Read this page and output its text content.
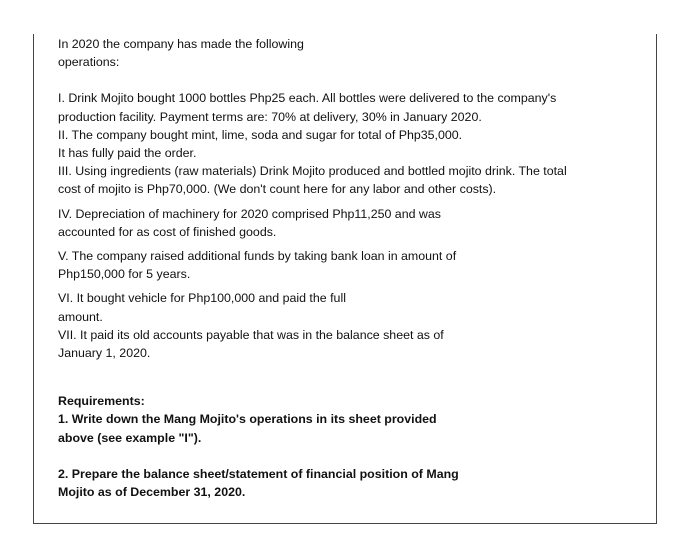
In 2020 the company has made the following
operations:
I. Drink Mojito bought 1000 bottles Php25 each. All bottles were delivered to the company's
production facility. Payment terms are: 70% at delivery, 30% in January 2020.
II. The company bought mint, lime, soda and sugar for total of Php35,000.
It has fully paid the order.
III. Using ingredients (raw materials) Drink Mojito produced and bottled mojito drink. The total
cost of mojito is Php70,000. (We don't count here for any labor and other costs).
IV. Depreciation of machinery for 2020 comprised Php11,250 and was
accounted for as cost of finished goods.
V. The company raised additional funds by taking bank loan in amount of
Php150,000 for 5 years.
VI. It bought vehicle for Php100,000 and paid the full
amount.
VII. It paid its old accounts payable that was in the balance sheet as of
January 1, 2020.
Requirements:
1. Write down the Mang Mojito's operations in its sheet provided
above (see example "I").
2. Prepare the balance sheet/statement of financial position of Mang
Mojito as of December 31, 2020.
